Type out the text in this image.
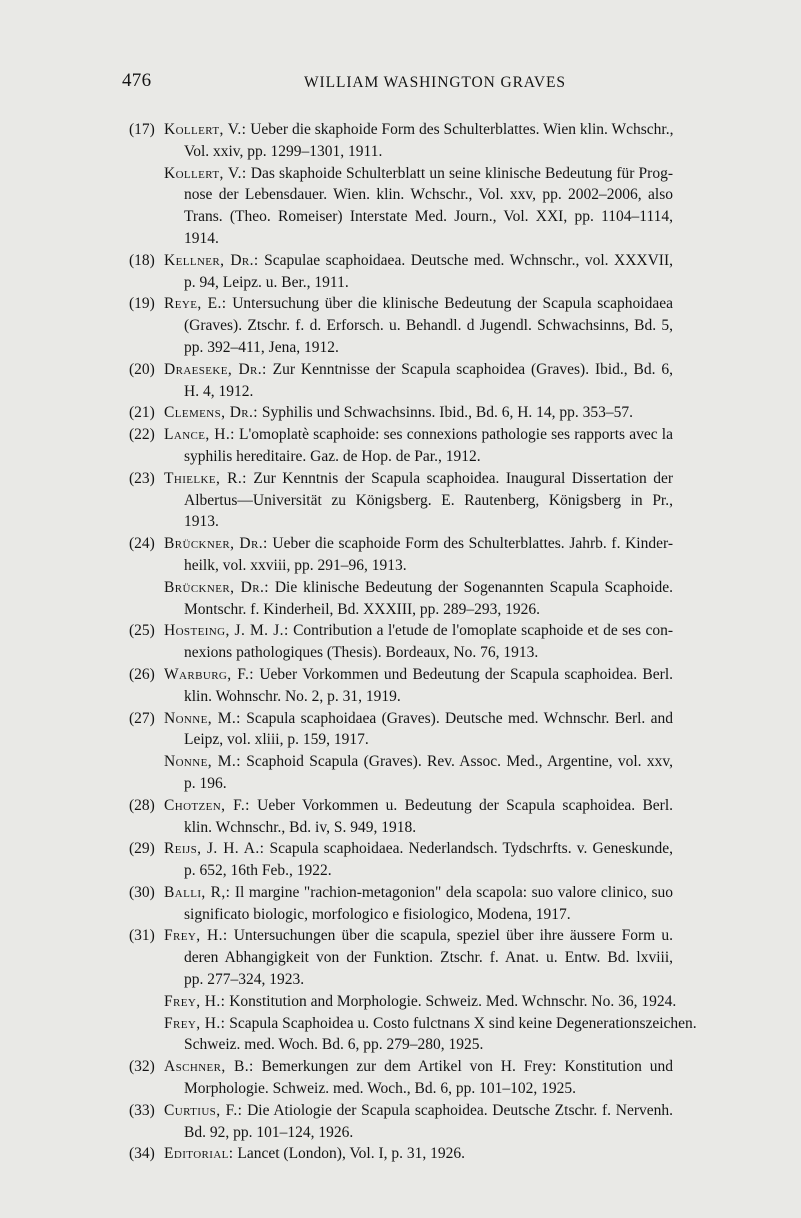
476	WILLIAM WASHINGTON GRAVES
(17) Kollert, V.: Ueber die skaphoide Form des Schulterblattes. Wien klin. Wchschr.,
Vol. xxiv, pp. 1299–1301, 1911.
Kollert, V.: Das skaphoide Schulterblatt un seine klinische Bedeutung für Prog-
nose der Lebensdauer. Wien. klin. Wchschr., Vol. xxv, pp. 2002–2006, also
Trans. (Theo. Romeiser) Interstate Med. Journ., Vol. XXI, pp. 1104–1114,
1914.
(18) Kellner, Dr.: Scapulae scaphoidaea. Deutsche med. Wchnschr., vol. XXXVII,
p. 94, Leipz. u. Ber., 1911.
(19) Reye, E.: Untersuchung über die klinische Bedeutung der Scapula scaphoidaea
(Graves). Ztschr. f. d. Erforsch. u. Behandl. d Jugendl. Schwachsinns, Bd. 5,
pp. 392–411, Jena, 1912.
(20) Draeseke, Dr.: Zur Kenntnisse der Scapula scaphoidea (Graves). Ibid., Bd. 6,
H. 4, 1912.
(21) Clemens, Dr.: Syphilis und Schwachsinns. Ibid., Bd. 6, H. 14, pp. 353–57.
(22) Lance, H.: L'omoplatè scaphoide: ses connexions pathologie ses rapports avec la
syphilis hereditaire. Gaz. de Hop. de Par., 1912.
(23) Thielke, R.: Zur Kenntnis der Scapula scaphoidea. Inaugural Dissertation der
Albertus—Universität zu Königsberg. E. Rautenberg, Königsberg in Pr.,
1913.
(24) Brückner, Dr.: Ueber die scaphoide Form des Schulterblattes. Jahrb. f. Kinder-
heilk, vol. xxviii, pp. 291–96, 1913.
Brückner, Dr.: Die klinische Bedeutung der Sogenannten Scapula Scaphoide.
Montschr. f. Kinderheil, Bd. XXXIII, pp. 289–293, 1926.
(25) Hosteing, J. M. J.: Contribution a l'etude de l'omoplate scaphoide et de ses con-
nexions pathologiques (Thesis). Bordeaux, No. 76, 1913.
(26) Warburg, F.: Ueber Vorkommen und Bedeutung der Scapula scaphoidea. Berl.
klin. Wohnschr. No. 2, p. 31, 1919.
(27) Nonne, M.: Scapula scaphoidaea (Graves). Deutsche med. Wchnschr. Berl. and
Leipz, vol. xliii, p. 159, 1917.
Nonne, M.: Scaphoid Scapula (Graves). Rev. Assoc. Med., Argentine, vol. xxv,
p. 196.
(28) Chotzen, F.: Ueber Vorkommen u. Bedeutung der Scapula scaphoidea. Berl.
klin. Wchnschr., Bd. iv, S. 949, 1918.
(29) Reijs, J. H. A.: Scapula scaphoidaea. Nederlandsch. Tydschrfts. v. Geneskunde,
p. 652, 16th Feb., 1922.
(30) Balli, R,: Il margine "rachion-metagonion" dela scapola: suo valore clinico, suo
significato biologic, morfologico e fisiologico, Modena, 1917.
(31) Frey, H.: Untersuchungen über die scapula, speziel über ihre äussere Form u.
deren Abhangigkeit von der Funktion. Ztschr. f. Anat. u. Entw. Bd. lxviii,
pp. 277–324, 1923.
Frey, H.: Konstitution and Morphologie. Schweiz. Med. Wchnschr. No. 36, 1924.
Frey, H.: Scapula Scaphoidea u. Costo fulctnans X sind keine Degenerationszeichen.
Schweiz. med. Woch. Bd. 6, pp. 279–280, 1925.
(32) Aschner, B.: Bemerkungen zur dem Artikel von H. Frey: Konstitution und
Morphologie. Schweiz. med. Woch., Bd. 6, pp. 101–102, 1925.
(33) Curtius, F.: Die Atiologie der Scapula scaphoidea. Deutsche Ztschr. f. Nervenh.
Bd. 92, pp. 101–124, 1926.
(34) Editorial: Lancet (London), Vol. I, p. 31, 1926.
